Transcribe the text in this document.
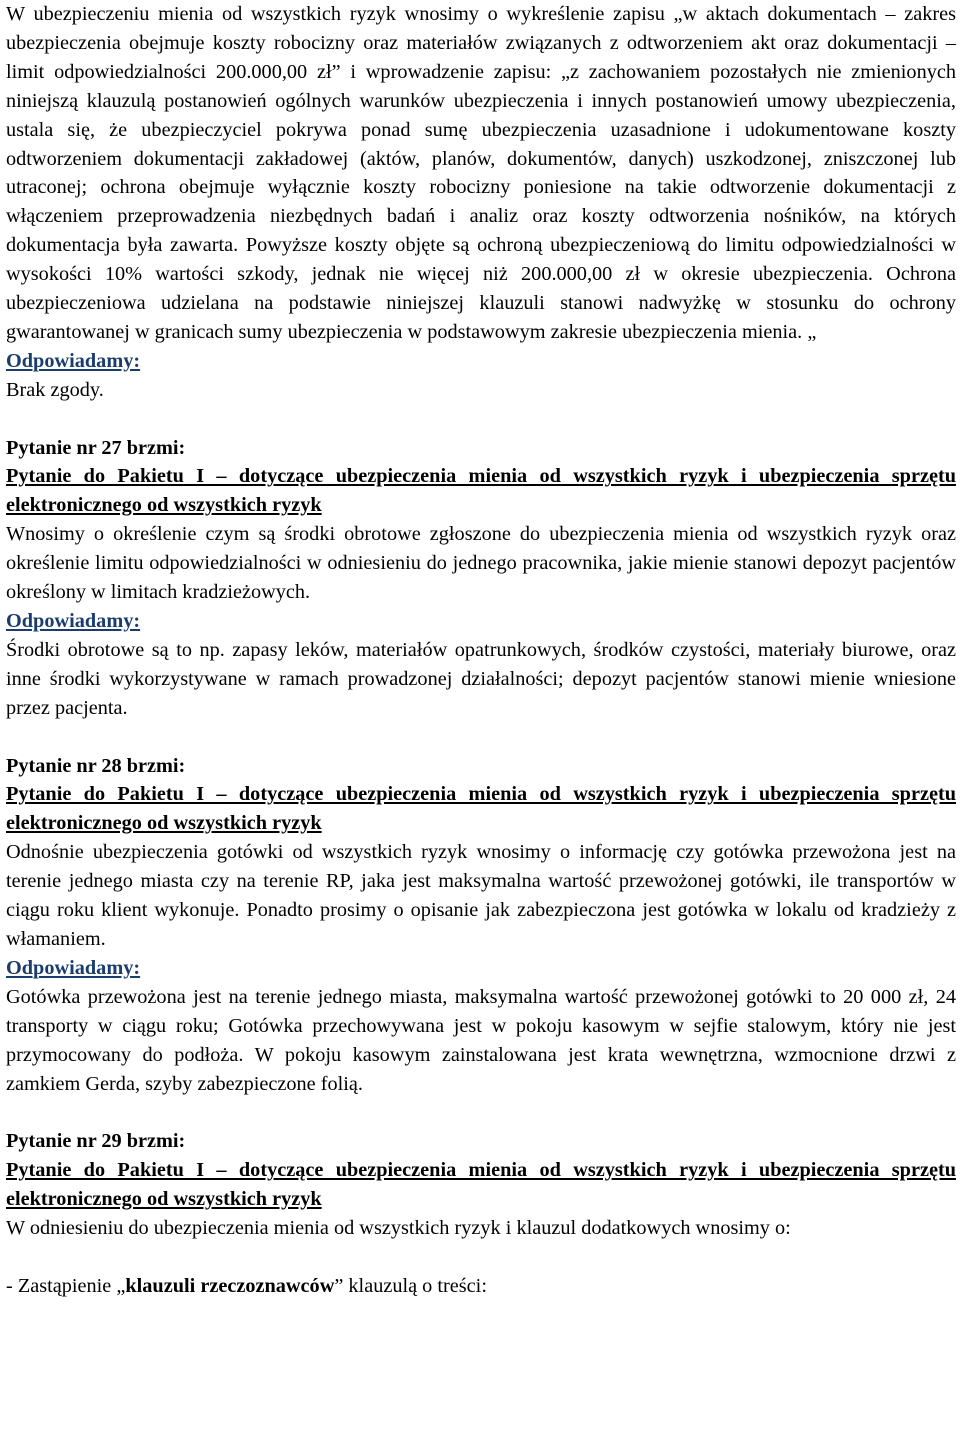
W ubezpieczeniu mienia od wszystkich ryzyk wnosimy o wykreślenie zapisu „w aktach dokumentach – zakres ubezpieczenia obejmuje koszty robocizny oraz materiałów związanych z odtworzeniem akt oraz dokumentacji – limit odpowiedzialności 200.000,00 zł” i wprowadzenie zapisu: „z zachowaniem pozostałych nie zmienionych niniejszą klauzulą postanowień ogólnych warunków ubezpieczenia i innych postanowień umowy ubezpieczenia, ustala się, że ubezpieczyciel pokrywa ponad sumę ubezpieczenia uzasadnione i udokumentowane koszty odtworzeniem dokumentacji zakładowej (aktów, planów, dokumentów, danych) uszkodzonej, zniszczonej lub utraconej; ochrona obejmuje wyłącznie koszty robocizny poniesione na takie odtworzenie dokumentacji z włączeniem przeprowadzenia niezbędnych badań i analiz oraz koszty odtworzenia nośników, na których dokumentacja była zawarta. Powyższe koszty objęte są ochroną ubezpieczeniową do limitu odpowiedzialności w wysokości 10% wartości szkody, jednak nie więcej niż 200.000,00 zł w okresie ubezpieczenia. Ochrona ubezpieczeniowa udzielana na podstawie niniejszej klauzuli stanowi nadwyżkę w stosunku do ochrony gwarantowanej w granicach sumy ubezpieczenia w podstawowym zakresie ubezpieczenia mienia. „

Odpowiadamy:

Brak zgody.

Pytanie nr 27 brzmi:

Pytanie do Pakietu I – dotyczące ubezpieczenia mienia od wszystkich ryzyk i ubezpieczenia sprzętu elektronicznego od wszystkich ryzyk

Wnosimy o określenie czym są środki obrotowe zgłoszone do ubezpieczenia mienia od wszystkich ryzyk oraz określenie limitu odpowiedzialności w odniesieniu do jednego pracownika, jakie mienie stanowi depozyt pacjentów określony w limitach kradzieżowych.

Odpowiadamy:

Środki obrotowe są to np. zapasy leków, materiałów opatrunkowych, środków czystości, materiały biurowe, oraz inne środki wykorzystywane w ramach prowadzonej działalności; depozyt pacjentów stanowi mienie wniesione przez pacjenta.

Pytanie nr 28 brzmi:

Pytanie do Pakietu I – dotyczące ubezpieczenia mienia od wszystkich ryzyk i ubezpieczenia sprzętu elektronicznego od wszystkich ryzyk

Odnośnie ubezpieczenia gotówki od wszystkich ryzyk wnosimy o informację czy gotówka przewożona jest na terenie jednego miasta czy na terenie RP, jaka jest maksymalna wartość przewożonej gotówki, ile transportów w ciągu roku klient wykonuje. Ponadto prosimy o opisanie jak zabezpieczona jest gotówka w lokalu od kradzieży z włamaniem.

Odpowiadamy:

Gotówka przewożona jest na terenie jednego miasta, maksymalna wartość przewożonej gotówki to 20 000 zł, 24 transporty w ciągu roku; Gotówka przechowywana jest w pokoju kasowym w sejfie stalowym, który nie jest przymocowany do podłoża. W pokoju kasowym zainstalowana jest krata wewnętrzna, wzmocnione drzwi z zamkiem Gerda, szyby zabezpieczone folią.

Pytanie nr 29 brzmi:

Pytanie do Pakietu I – dotyczące ubezpieczenia mienia od wszystkich ryzyk i ubezpieczenia sprzętu elektronicznego od wszystkich ryzyk

W odniesieniu do ubezpieczenia mienia od wszystkich ryzyk i klauzul dodatkowych wnosimy o:

- Zastąpienie „klauzuli rzeczoznawców” klauzulą o treści:
